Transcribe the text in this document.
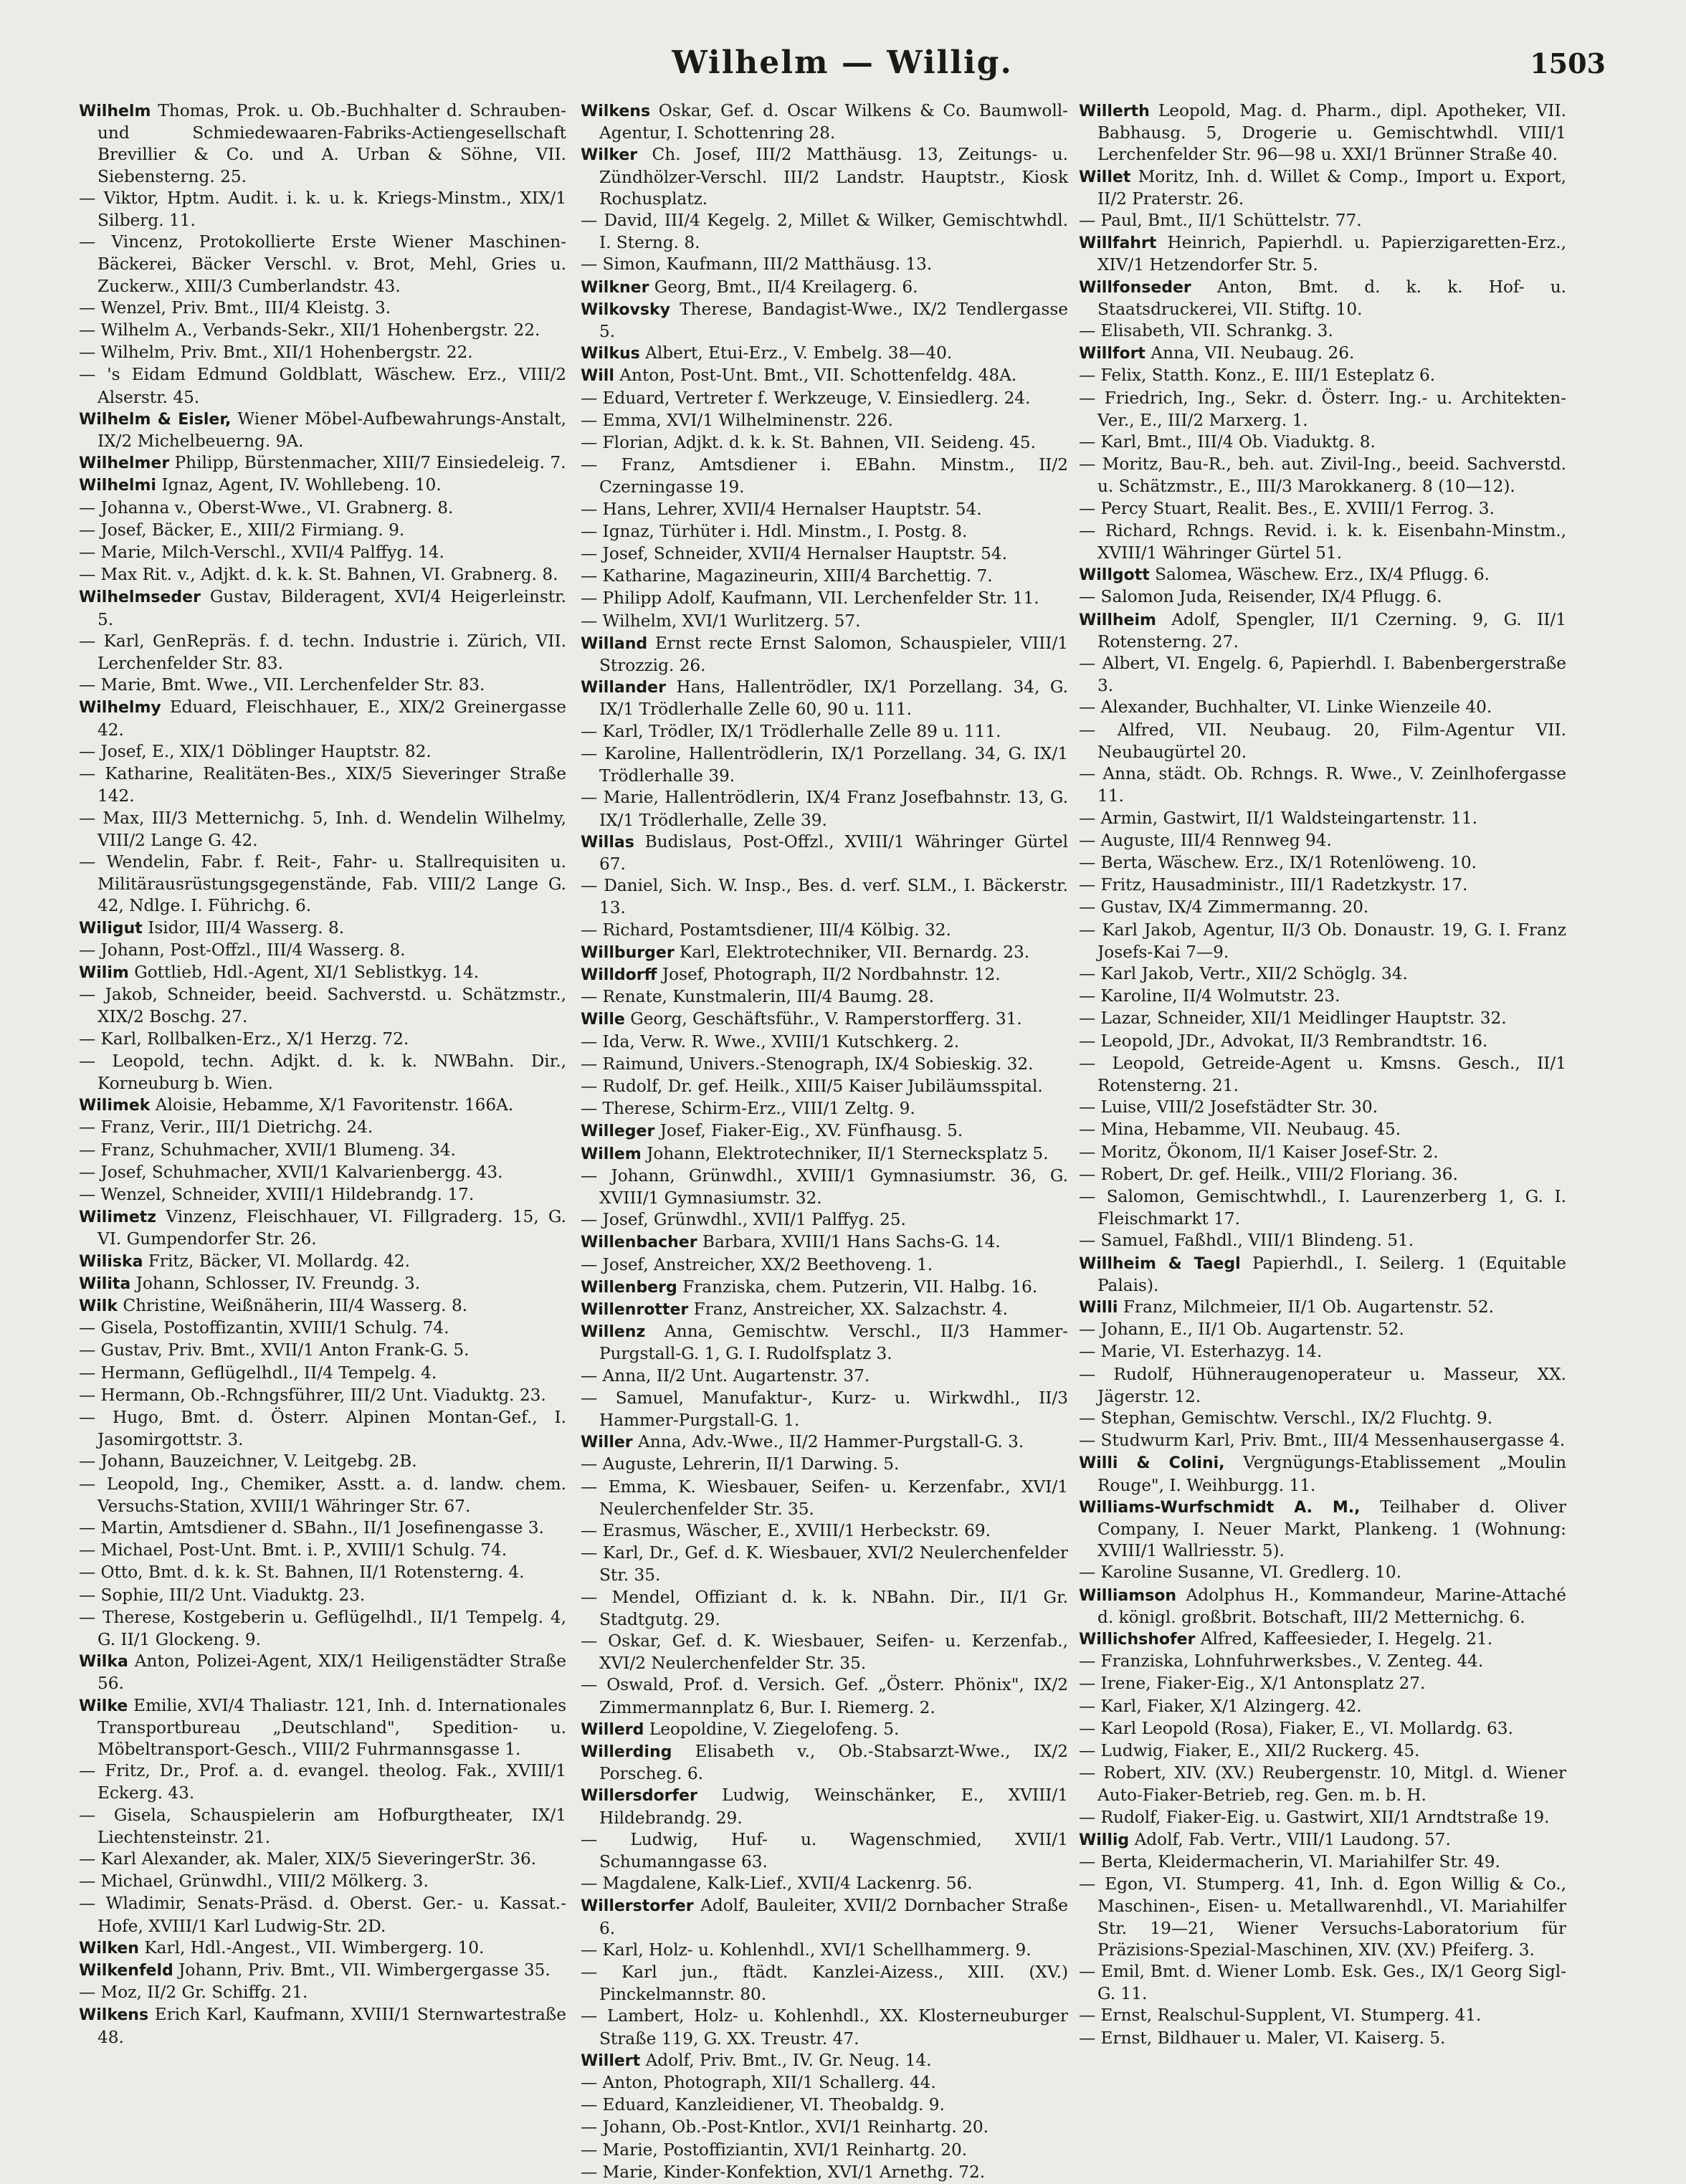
Wilhelm — Willig.	1503

Wilhelm Thomas, Prok. u. Ob.-Buchhalter d. Schrauben- und Schmiedewaaren-Fabriks-Actiengesellschaft Brevillier & Co. und A. Urban & Söhne, VII. Siebensterng. 25.

— Viktor, Hptm. Audit. i. k. u. k. Kriegs-Minstm., XIX/1 Silberg. 11.

— Vincenz, Protokollierte Erste Wiener Maschinen-Bäckerei, Bäcker Verschl. v. Brot, Mehl, Gries u. Zuckerw., XIII/3 Cumberlandstr. 43.

— Wenzel, Priv. Bmt., III/4 Kleistg. 3.

— Wilhelm A., Verbands-Sekr., XII/1 Hohenbergstr. 22.

— Wilhelm, Priv. Bmt., XII/1 Hohenbergstr. 22.

— 's Eidam Edmund Goldblatt, Wäschew. Erz., VIII/2 Alserstr. 45.

Wilhelm & Eisler, Wiener Möbel-Aufbewahrungs-Anstalt, IX/2 Michelbeuerng. 9A.

Wilhelmer Philipp, Bürstenmacher, XIII/7 Einsiedeleig. 7.

Wilhelmi Ignaz, Agent, IV. Wohllebeng. 10.

— Johanna v., Oberst-Wwe., VI. Grabnerg. 8.

— Josef, Bäcker, E., XIII/2 Firmiang. 9.

— Marie, Milch-Verschl., XVII/4 Palffyg. 14.

— Max Rit. v., Adjkt. d. k. k. St. Bahnen, VI. Grabnerg. 8.

Wilhelmseder Gustav, Bilderagent, XVI/4 Heigerleinstr. 5.

— Karl, GenRepräs. f. d. techn. Industrie i. Zürich, VII. Lerchenfelder Str. 83.

— Marie, Bmt. Wwe., VII. Lerchenfelder Str. 83.

Wilhelmy Eduard, Fleischhauer, E., XIX/2 Greinergasse 42.

— Josef, E., XIX/1 Döblinger Hauptstr. 82.

— Katharine, Realitäten-Bes., XIX/5 Sieveringer Straße 142.

— Max, III/3 Metternichg. 5, Inh. d. Wendelin Wilhelmy, VIII/2 Lange G. 42.

— Wendelin, Fabr. f. Reit-, Fahr- u. Stallrequisiten u. Militärausrüstungsgegenstände, Fab. VIII/2 Lange G. 42, Ndlge. I. Führichg. 6.

Wiligut Isidor, III/4 Wasserg. 8.

— Johann, Post-Offzl., III/4 Wasserg. 8.

Wilim Gottlieb, Hdl.-Agent, XI/1 Seblistkyg. 14.

— Jakob, Schneider, beeid. Sachverstd. u. Schätzmstr., XIX/2 Boschg. 27.

— Karl, Rollbalken-Erz., X/1 Herzg. 72.

— Leopold, techn. Adjkt. d. k. k. NWBahn. Dir., Korneuburg b. Wien.

Wilimek Aloisie, Hebamme, X/1 Favoritenstr. 166A.

— Franz, Verir., III/1 Dietrichg. 24.

— Franz, Schuhmacher, XVII/1 Blumeng. 34.

— Josef, Schuhmacher, XVII/1 Kalvarienbergg. 43.

— Wenzel, Schneider, XVIII/1 Hildebrandg. 17.

Wilimetz Vinzenz, Fleischhauer, VI. Fillgraderg. 15, G. VI. Gumpendorfer Str. 26.

Wiliska Fritz, Bäcker, VI. Mollardg. 42.

Wilita Johann, Schlosser, IV. Freundg. 3.

Wilk Christine, Weißnäherin, III/4 Wasserg. 8.

— Gisela, Postoffizantin, XVIII/1 Schulg. 74.

— Gustav, Priv. Bmt., XVII/1 Anton Frank-G. 5.

— Hermann, Geflügelhdl., II/4 Tempelg. 4.

— Hermann, Ob.-Rchngsführer, III/2 Unt. Viaduktg. 23.

— Hugo, Bmt. d. Österr. Alpinen Montan-Gef., I. Jasomirgottstr. 3.

— Johann, Bauzeichner, V. Leitgebg. 2B.

— Leopold, Ing., Chemiker, Asstt. a. d. landw. chem. Versuchs-Station, XVIII/1 Währinger Str. 67.

— Martin, Amtsdiener d. SBahn., II/1 Josefinengasse 3.

— Michael, Post-Unt. Bmt. i. P., XVIII/1 Schulg. 74.

— Otto, Bmt. d. k. k. St. Bahnen, II/1 Rotensterng. 4.

— Sophie, III/2 Unt. Viaduktg. 23.

— Therese, Kostgeberin u. Geflügelhdl., II/1 Tempelg. 4, G. II/1 Glockeng. 9.

Wilka Anton, Polizei-Agent, XIX/1 Heiligenstädter Straße 56.

Wilke Emilie, XVI/4 Thaliastr. 121, Inh. d. Internationales Transportbureau „Deutschland", Spedition- u. Möbeltransport-Gesch., VIII/2 Fuhrmannsgasse 1.

— Fritz, Dr., Prof. a. d. evangel. theolog. Fak., XVIII/1 Eckerg. 43.

— Gisela, Schauspielerin am Hofburgtheater, IX/1 Liechtensteinstr. 21.

— Karl Alexander, ak. Maler, XIX/5 SieveringerStr. 36.

— Michael, Grünwdhl., VIII/2 Mölkerg. 3.

— Wladimir, Senats-Präsd. d. Oberst. Ger.- u. Kassat.-Hofe, XVIII/1 Karl Ludwig-Str. 2D.

Wilken Karl, Hdl.-Angest., VII. Wimbergerg. 10.

Wilkenfeld Johann, Priv. Bmt., VII. Wimbergergasse 35.

— Moz, II/2 Gr. Schiffg. 21.

Wilkens Erich Karl, Kaufmann, XVIII/1 Sternwartestraße 48.

Wilkens Oskar, Gef. d. Oscar Wilkens & Co. Baumwoll-Agentur, I. Schottenring 28.

Wilker Ch. Josef, III/2 Matthäusg. 13, Zeitungs- u. Zündhölzer-Verschl. III/2 Landstr. Hauptstr., Kiosk Rochusplatz.

— David, III/4 Kegelg. 2, Millet & Wilker, Gemischtwhdl. I. Sterng. 8.

— Simon, Kaufmann, III/2 Matthäusg. 13.

Wilkner Georg, Bmt., II/4 Kreilagerg. 6.

Wilkovsky Therese, Bandagist-Wwe., IX/2 Tendlergasse 5.

Wilkus Albert, Etui-Erz., V. Embelg. 38—40.

Will Anton, Post-Unt. Bmt., VII. Schottenfeldg. 48A.

— Eduard, Vertreter f. Werkzeuge, V. Einsiedlerg. 24.

— Emma, XVI/1 Wilhelminenstr. 226.

— Florian, Adjkt. d. k. k. St. Bahnen, VII. Seideng. 45.

— Franz, Amtsdiener i. EBahn. Minstm., II/2 Czerningasse 19.

— Hans, Lehrer, XVII/4 Hernalser Hauptstr. 54.

— Ignaz, Türhüter i. Hdl. Minstm., I. Postg. 8.

— Josef, Schneider, XVII/4 Hernalser Hauptstr. 54.

— Katharine, Magazineurin, XIII/4 Barchettig. 7.

— Philipp Adolf, Kaufmann, VII. Lerchenfelder Str. 11.

— Wilhelm, XVI/1 Wurlitzerg. 57.

Willand Ernst recte Ernst Salomon, Schauspieler, VIII/1 Strozzig. 26.

Willander Hans, Hallentrödler, IX/1 Porzellang. 34, G. IX/1 Trödlerhalle Zelle 60, 90 u. 111.

— Karl, Trödler, IX/1 Trödlerhalle Zelle 89 u. 111.

— Karoline, Hallentrödlerin, IX/1 Porzellang. 34, G. IX/1 Trödlerhalle 39.

— Marie, Hallentrödlerin, IX/4 Franz Josefbahnstr. 13, G. IX/1 Trödlerhalle, Zelle 39.

Willas Budislaus, Post-Offzl., XVIII/1 Währinger Gürtel 67.

— Daniel, Sich. W. Insp., Bes. d. verf. SLM., I. Bäckerstr. 13.

— Richard, Postamtsdiener, III/4 Kölbig. 32.

Willburger Karl, Elektrotechniker, VII. Bernardg. 23.

Willdorff Josef, Photograph, II/2 Nordbahnstr. 12.

— Renate, Kunstmalerin, III/4 Baumg. 28.

Wille Georg, Geschäftsführ., V. Ramperstorfferg. 31.

— Ida, Verw. R. Wwe., XVIII/1 Kutschkerg. 2.

— Raimund, Univers.-Stenograph, IX/4 Sobieskig. 32.

— Rudolf, Dr. gef. Heilk., XIII/5 Kaiser Jubiläumsspital.

— Therese, Schirm-Erz., VIII/1 Zeltg. 9.

Willeger Josef, Fiaker-Eig., XV. Fünfhausg. 5.

Willem Johann, Elektrotechniker, II/1 Sternecksplatz 5.

— Johann, Grünwdhl., XVIII/1 Gymnasiumstr. 36, G. XVIII/1 Gymnasiumstr. 32.

— Josef, Grünwdhl., XVII/1 Palffyg. 25.

Willenbacher Barbara, XVIII/1 Hans Sachs-G. 14.

— Josef, Anstreicher, XX/2 Beethoveng. 1.

Willenberg Franziska, chem. Putzerin, VII. Halbg. 16.

Willenrotter Franz, Anstreicher, XX. Salzachstr. 4.

Willenz Anna, Gemischtw. Verschl., II/3 Hammer-Purgstall-G. 1, G. I. Rudolfsplatz 3.

— Anna, II/2 Unt. Augartenstr. 37.

— Samuel, Manufaktur-, Kurz- u. Wirkwdhl., II/3 Hammer-Purgstall-G. 1.

Willer Anna, Adv.-Wwe., II/2 Hammer-Purgstall-G. 3.

— Auguste, Lehrerin, II/1 Darwing. 5.

— Emma, K. Wiesbauer, Seifen- u. Kerzenfabr., XVI/1 Neulerchenfelder Str. 35.

— Erasmus, Wäscher, E., XVIII/1 Herbeckstr. 69.

— Karl, Dr., Gef. d. K. Wiesbauer, XVI/2 Neulerchenfelder Str. 35.

— Mendel, Offiziant d. k. k. NBahn. Dir., II/1 Gr. Stadtgutg. 29.

— Oskar, Gef. d. K. Wiesbauer, Seifen- u. Kerzenfab., XVI/2 Neulerchenfelder Str. 35.

— Oswald, Prof. d. Versich. Gef. „Österr. Phönix", IX/2 Zimmermannplatz 6, Bur. I. Riemerg. 2.

Willerd Leopoldine, V. Ziegelofeng. 5.

Willerding Elisabeth v., Ob.-Stabsarzt-Wwe., IX/2 Porscheg. 6.

Willersdorfer Ludwig, Weinschänker, E., XVIII/1 Hildebrandg. 29.

— Ludwig, Huf- u. Wagenschmied, XVII/1 Schumanngasse 63.

— Magdalene, Kalk-Lief., XVII/4 Lackenrg. 56.

Willerstorfer Adolf, Bauleiter, XVII/2 Dornbacher Straße 6.

— Karl, Holz- u. Kohlenhdl., XVI/1 Schellhammerg. 9.

— Karl jun., ftädt. Kanzlei-Aizess., XIII. (XV.) Pinckelmannstr. 80.

— Lambert, Holz- u. Kohlenhdl., XX. Klosterneuburger Straße 119, G. XX. Treustr. 47.

Willert Adolf, Priv. Bmt., IV. Gr. Neug. 14.

— Anton, Photograph, XII/1 Schallerg. 44.

— Eduard, Kanzleidiener, VI. Theobaldg. 9.

— Johann, Ob.-Post-Kntlor., XVI/1 Reinhartg. 20.

— Marie, Postoffiziantin, XVI/1 Reinhartg. 20.

— Marie, Kinder-Konfektion, XVI/1 Arnethg. 72.

Willerth Leopold, Mag. d. Pharm., dipl. Apotheker, VII. Babhausg. 5, Drogerie u. Gemischtwhdl. VIII/1 Lerchenfelder Str. 96—98 u. XXI/1 Brünner Straße 40.

Willet Moritz, Inh. d. Willet & Comp., Import u. Export, II/2 Praterstr. 26.

— Paul, Bmt., II/1 Schüttelstr. 77.

Willfahrt Heinrich, Papierhdl. u. Papierzigaretten-Erz., XIV/1 Hetzendorfer Str. 5.

Willfonseder Anton, Bmt. d. k. k. Hof- u. Staatsdruckerei, VII. Stiftg. 10.

— Elisabeth, VII. Schrankg. 3.

Willfort Anna, VII. Neubaug. 26.

— Felix, Statth. Konz., E. III/1 Esteplatz 6.

— Friedrich, Ing., Sekr. d. Österr. Ing.- u. Architekten-Ver., E., III/2 Marxerg. 1.

— Karl, Bmt., III/4 Ob. Viaduktg. 8.

— Moritz, Bau-R., beh. aut. Zivil-Ing., beeid. Sachverstd. u. Schätzmstr., E., III/3 Marokkanerg. 8 (10—12).

— Percy Stuart, Realit. Bes., E. XVIII/1 Ferrog. 3.

— Richard, Rchngs. Revid. i. k. k. Eisenbahn-Minstm., XVIII/1 Währinger Gürtel 51.

Willgott Salomea, Wäschew. Erz., IX/4 Pflugg. 6.

— Salomon Juda, Reisender, IX/4 Pflugg. 6.

Willheim Adolf, Spengler, II/1 Czerning. 9, G. II/1 Rotensterng. 27.

— Albert, VI. Engelg. 6, Papierhdl. I. Babenbergerstraße 3.

— Alexander, Buchhalter, VI. Linke Wienzeile 40.

— Alfred, VII. Neubaug. 20, Film-Agentur VII. Neubaugürtel 20.

— Anna, städt. Ob. Rchngs. R. Wwe., V. Zeinlhofergasse 11.

— Armin, Gastwirt, II/1 Waldsteingartenstr. 11.

— Auguste, III/4 Rennweg 94.

— Berta, Wäschew. Erz., IX/1 Rotenlöweng. 10.

— Fritz, Hausadministr., III/1 Radetzkystr. 17.

— Gustav, IX/4 Zimmermanng. 20.

— Karl Jakob, Agentur, II/3 Ob. Donaustr. 19, G. I. Franz Josefs-Kai 7—9.

— Karl Jakob, Vertr., XII/2 Schöglg. 34.

— Karoline, II/4 Wolmutstr. 23.

— Lazar, Schneider, XII/1 Meidlinger Hauptstr. 32.

— Leopold, JDr., Advokat, II/3 Rembrandtstr. 16.

— Leopold, Getreide-Agent u. Kmsns. Gesch., II/1 Rotensterng. 21.

— Luise, VIII/2 Josefstädter Str. 30.

— Mina, Hebamme, VII. Neubaug. 45.

— Moritz, Ökonom, II/1 Kaiser Josef-Str. 2.

— Robert, Dr. gef. Heilk., VIII/2 Floriang. 36.

— Salomon, Gemischtwhdl., I. Laurenzerberg 1, G. I. Fleischmarkt 17.

— Samuel, Faßhdl., VIII/1 Blindeng. 51.

Willheim & Taegl Papierhdl., I. Seilerg. 1 (Equitable Palais).

Willi Franz, Milchmeier, II/1 Ob. Augartenstr. 52.

— Johann, E., II/1 Ob. Augartenstr. 52.

— Marie, VI. Esterhazyg. 14.

— Rudolf, Hühneraugenoperateur u. Masseur, XX. Jägerstr. 12.

— Stephan, Gemischtw. Verschl., IX/2 Fluchtg. 9.

— Studwurm Karl, Priv. Bmt., III/4 Messenhausergasse 4.

Willi & Colini, Vergnügungs-Etablissement „Moulin Rouge", I. Weihburgg. 11.

Williams-Wurfschmidt A. M., Teilhaber d. Oliver Company, I. Neuer Markt, Plankeng. 1 (Wohnung: XVIII/1 Wallriesstr. 5).

— Karoline Susanne, VI. Gredlerg. 10.

Williamson Adolphus H., Kommandeur, Marine-Attaché d. königl. großbrit. Botschaft, III/2 Metternichg. 6.

Willichshofer Alfred, Kaffeesieder, I. Hegelg. 21.

— Franziska, Lohnfuhrwerksbes., V. Zenteg. 44.

— Irene, Fiaker-Eig., X/1 Antonsplatz 27.

— Karl, Fiaker, X/1 Alzingerg. 42.

— Karl Leopold (Rosa), Fiaker, E., VI. Mollardg. 63.

— Ludwig, Fiaker, E., XII/2 Ruckerg. 45.

— Robert, XIV. (XV.) Reubergenstr. 10, Mitgl. d. Wiener Auto-Fiaker-Betrieb, reg. Gen. m. b. H.

— Rudolf, Fiaker-Eig. u. Gastwirt, XII/1 Arndtstraße 19.

Willig Adolf, Fab. Vertr., VIII/1 Laudong. 57.

— Berta, Kleidermacherin, VI. Mariahilfer Str. 49.

— Egon, VI. Stumperg. 41, Inh. d. Egon Willig & Co., Maschinen-, Eisen- u. Metallwarenhdl., VI. Mariahilfer Str. 19—21, Wiener Versuchs-Laboratorium für Präzisions-Spezial-Maschinen, XIV. (XV.) Pfeiferg. 3.

— Emil, Bmt. d. Wiener Lomb. Esk. Ges., IX/1 Georg Sigl-G. 11.

— Ernst, Realschul-Supplent, VI. Stumperg. 41.

— Ernst, Bildhauer u. Maler, VI. Kaiserg. 5.
